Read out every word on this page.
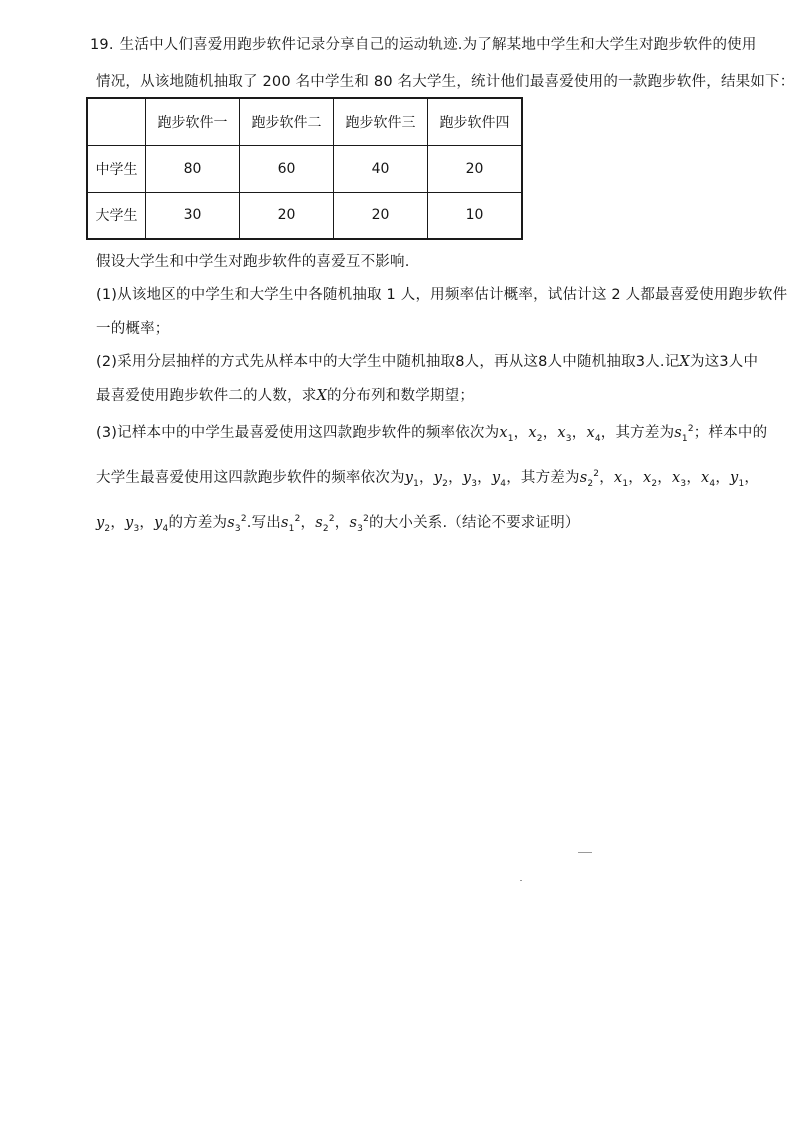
19. 生活中人们喜爱用跑步软件记录分享自己的运动轨迹.为了解某地中学生和大学生对跑步软件的使用
情况，从该地随机抽取了 200 名中学生和 80 名大学生，统计他们最喜爱使用的一款跑步软件，结果如下：
	跑步软件一	跑步软件二	跑步软件三	跑步软件四
中学生	80	60	40	20
大学生	30	20	20	10
假设大学生和中学生对跑步软件的喜爱互不影响.
(1)从该地区的中学生和大学生中各随机抽取 1 人，用频率估计概率，试估计这 2 人都最喜爱使用跑步软件
一的概率；
(2)采用分层抽样的方式先从样本中的大学生中随机抽取8人，再从这8人中随机抽取3人.记X为这3人中
最喜爱使用跑步软件二的人数，求X的分布列和数学期望；
(3)记样本中的中学生最喜爱使用这四款跑步软件的频率依次为$x_1$，$x_2$，$x_3$，$x_4$，其方差为$s_1^2$；样本中的
大学生最喜爱使用这四款跑步软件的频率依次为$y_1$，$y_2$，$y_3$，$y_4$，其方差为$s_2^2$，$x_1$，$x_2$，$x_3$，$x_4$，$y_1$，
$y_2$，$y_3$，$y_4$的方差为$s_3^2$.写出$s_1^2$，$s_2^2$，$s_3^2$的大小关系.（结论不要求证明）
